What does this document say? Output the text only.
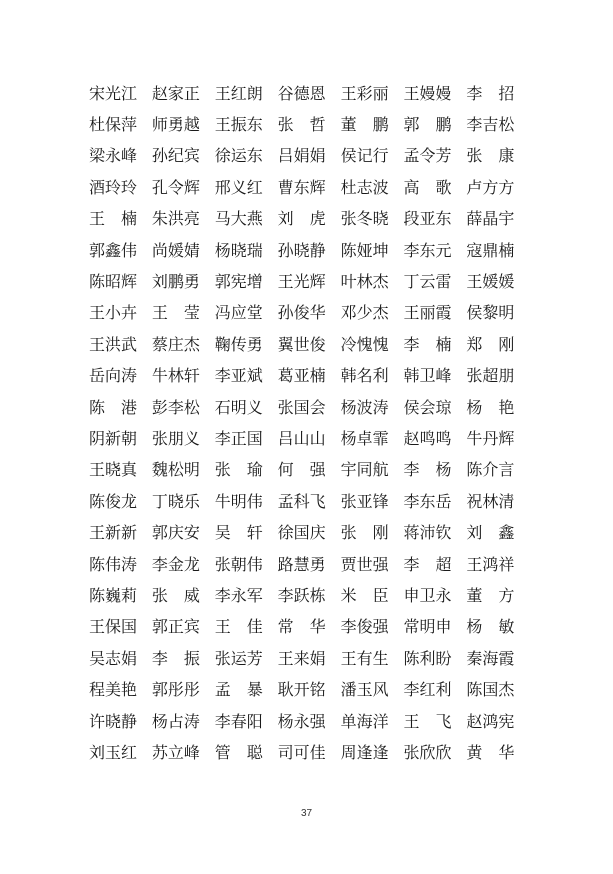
宋光江 赵家正 王红朗 谷德恩 王彩丽 王嫚嫚 李　招
杜保萍 师勇越 王振东 张　哲 董　鹏 郭　鹏 李吉松
梁永峰 孙纪宾 徐运东 吕娟娟 侯记行 孟令芳 张　康
酒玲玲 孔令辉 邢义红 曹东辉 杜志波 高　歌 卢方方
王　楠 朱洪亮 马大燕 刘　虎 张冬晓 段亚东 薛晶宇
郭鑫伟 尚媛婧 杨晓瑞 孙晓静 陈娅坤 李东元 寇鼎楠
陈昭辉 刘鹏勇 郭宪增 王光辉 叶林杰 丁云雷 王媛媛
王小卉 王　莹 冯应堂 孙俊华 邓少杰 王丽霞 侯黎明
王洪武 蔡庄杰 鞠传勇 翼世俊 冷愧愧 李　楠 郑　刚
岳向涛 牛林轩 李亚斌 葛亚楠 韩名利 韩卫峰 张超朋
陈　港 彭李松 石明义 张国会 杨波涛 侯会琼 杨　艳
阴新朝 张朋义 李正国 吕山山 杨卓霏 赵鸣鸣 牛丹辉
王晓真 魏松明 张　瑜 何　强 宇同航 李　杨 陈介言
陈俊龙 丁晓乐 牛明伟 孟科飞 张亚锋 李东岳 祝林清
王新新 郭庆安 吴　轩 徐国庆 张　刚 蒋沛钦 刘　鑫
陈伟涛 李金龙 张朝伟 路慧勇 贾世强 李　超 王鸿祥
陈巍莉 张　威 李永军 李跃栋 米　臣 申卫永 董　方
王保国 郭正宾 王　佳 常　华 李俊强 常明申 杨　敏
吴志娟 李　振 张运芳 王来娟 王有生 陈利盼 秦海霞
程美艳 郭彤彤 孟　暴 耿开铭 潘玉风 李红利 陈国杰
许晓静 杨占涛 李春阳 杨永强 单海洋 王　飞 赵鸿宪
刘玉红 苏立峰 管　聪 司可佳 周逢逢 张欣欣 黄　华
37
